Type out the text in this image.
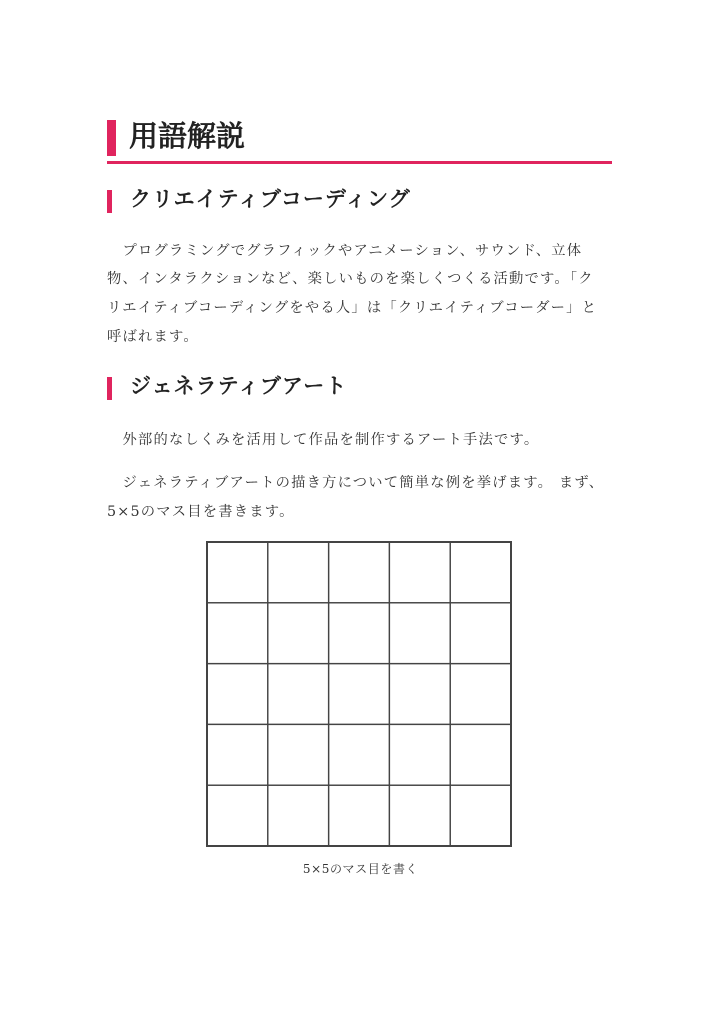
用語解説
クリエイティブコーディング
　プログラミングでグラフィックやアニメーション、サウンド、立体
物、インタラクションなど、楽しいものを楽しくつくる活動です。「ク
リエイティブコーディングをやる人」は「クリエイティブコーダー」と
呼ばれます。
ジェネラティブアート
　外部的なしくみを活用して作品を制作するアート手法です。
　ジェネラティブアートの描き方について簡単な例を挙げます。 まず、
5×5のマス目を書きます。
5×5のマス目を書く
